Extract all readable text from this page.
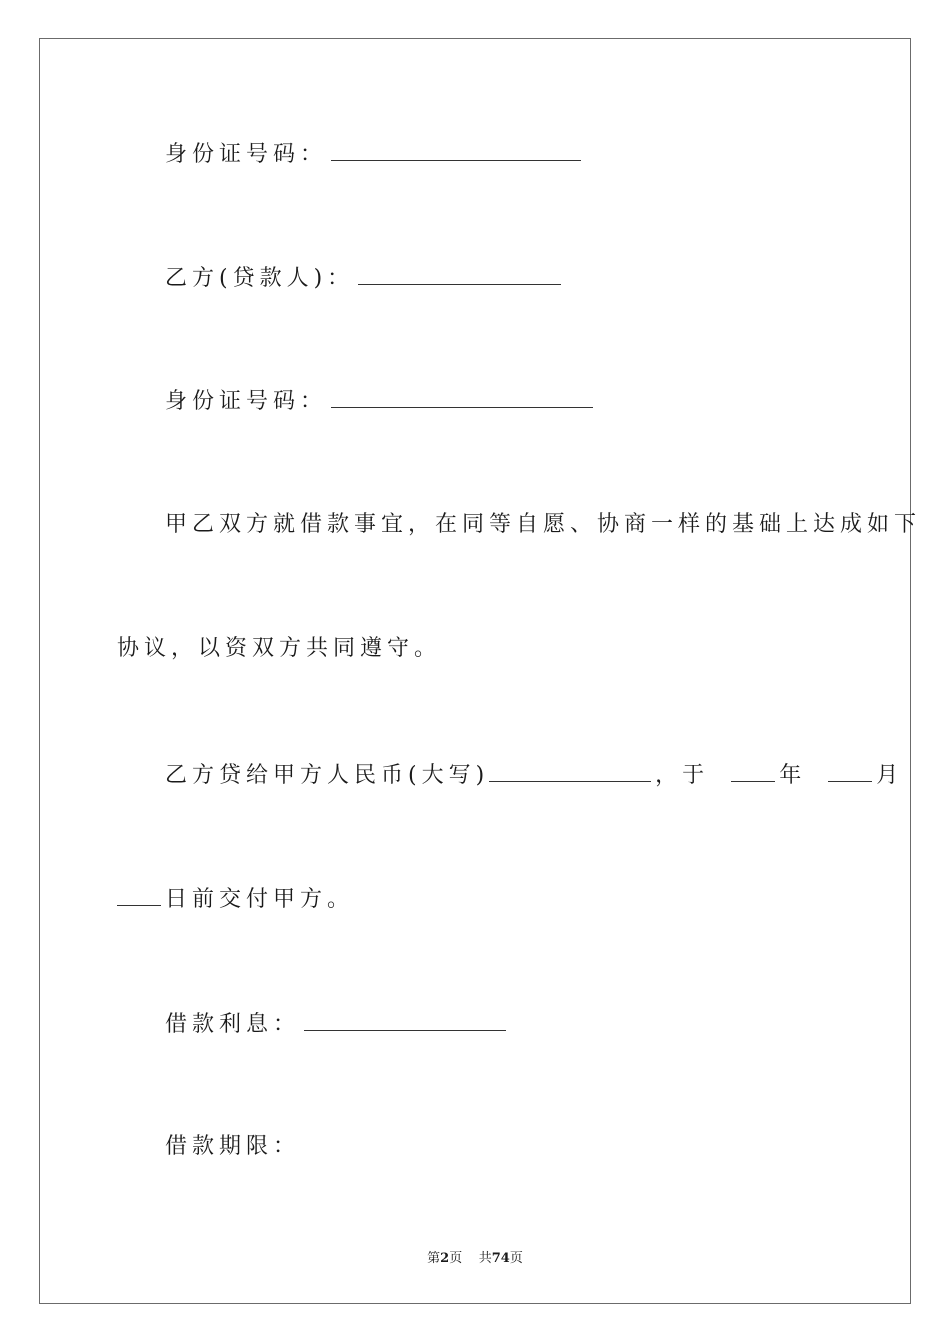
身份证号码：
乙方(贷款人)：
身份证号码：
甲乙双方就借款事宜，在同等自愿、协商一样的基础上达成如下
协议，以资双方共同遵守。
乙方贷给甲方人民币(大写)	，于	年	月
日前交付甲方。
借款利息：
借款期限：
第2页 共74页
